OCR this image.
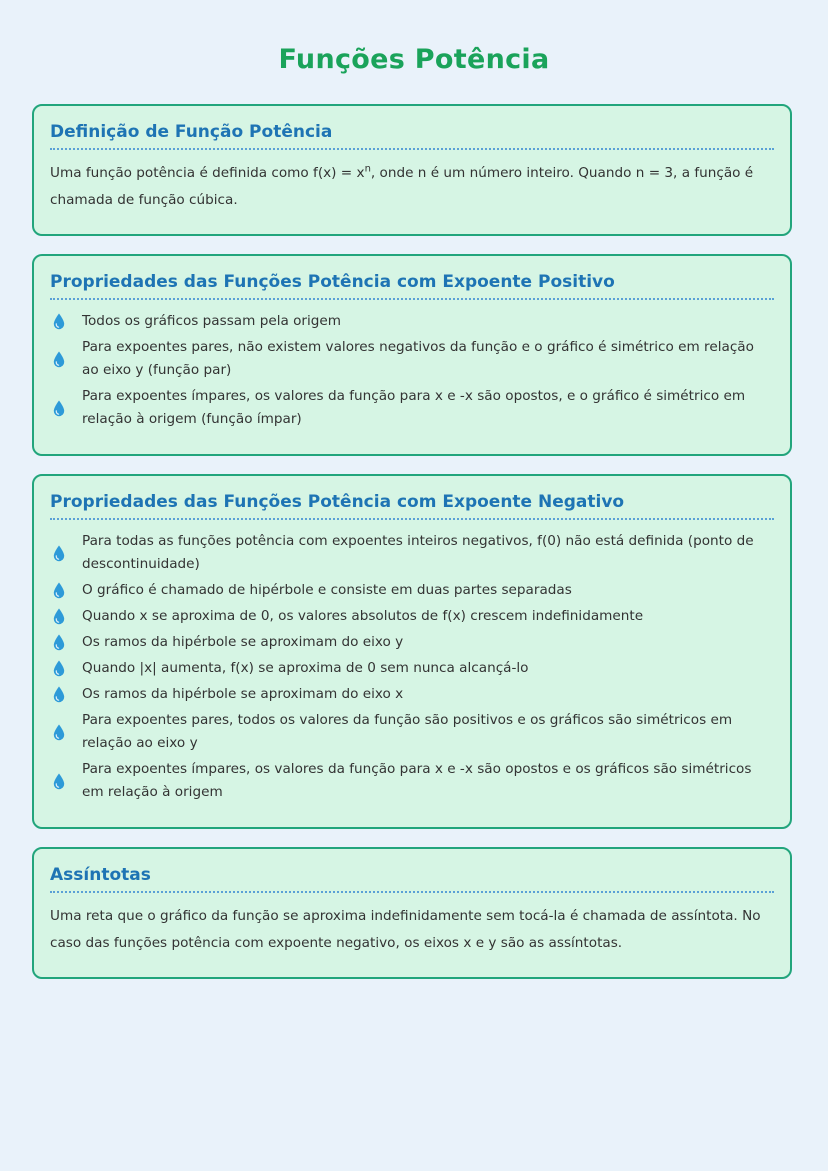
Funções Potência
Definição de Função Potência

Uma função potência é definida como $f(x) = x^n$, onde n é um número inteiro. Quando n = 3, a função é chamada de função cúbica.

Propriedades das Funções Potência com Expoente Positivo
Todos os gráficos passam pela origem
Para expoentes pares, não existem valores negativos da função e o gráfico é simétrico em relação ao eixo y (função par)
Para expoentes ímpares, os valores da função para x e -x são opostos, e o gráfico é simétrico em relação à origem (função ímpar)
Propriedades das Funções Potência com Expoente Negativo
Para todas as funções potência com expoentes inteiros negativos, f(0) não está definida (ponto de descontinuidade)
O gráfico é chamado de hipérbole e consiste em duas partes separadas
Quando x se aproxima de 0, os valores absolutos de f(x) crescem indefinidamente
Os ramos da hipérbole se aproximam do eixo y
Quando |x| aumenta, f(x) se aproxima de 0 sem nunca alcançá-lo
Os ramos da hipérbole se aproximam do eixo x
Para expoentes pares, todos os valores da função são positivos e os gráficos são simétricos em relação ao eixo y
Para expoentes ímpares, os valores da função para x e -x são opostos e os gráficos são simétricos em relação à origem
Assíntotas

Uma reta que o gráfico da função se aproxima indefinidamente sem tocá-la é chamada de assíntota. No caso das funções potência com expoente negativo, os eixos x e y são as assíntotas.
